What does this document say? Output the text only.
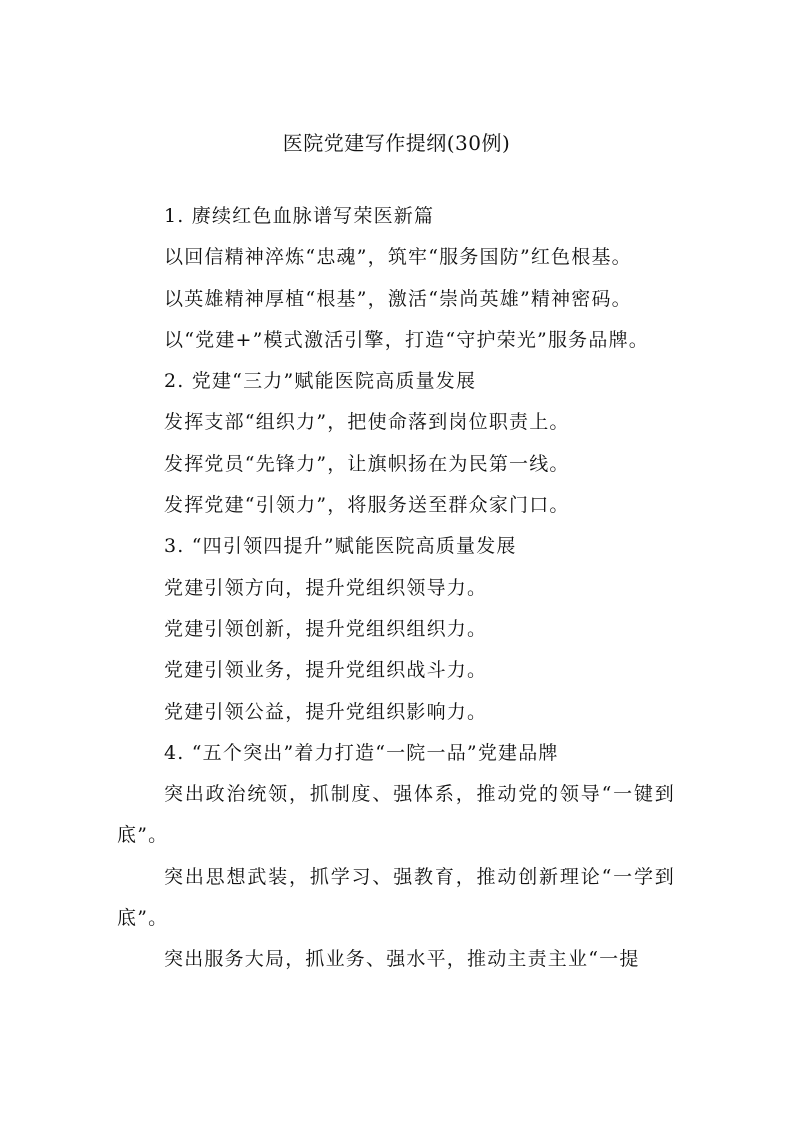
医院党建写作提纲(30例)

1. 赓续红色血脉谱写荣医新篇

以回信精神淬炼“忠魂”，筑牢“服务国防”红色根基。

以英雄精神厚植“根基”，激活“崇尚英雄”精神密码。

以“党建+”模式激活引擎，打造“守护荣光”服务品牌。

2. 党建“三力”赋能医院高质量发展

发挥支部“组织力”，把使命落到岗位职责上。

发挥党员“先锋力”，让旗帜扬在为民第一线。

发挥党建“引领力”，将服务送至群众家门口。

3. “四引领四提升”赋能医院高质量发展

党建引领方向，提升党组织领导力。

党建引领创新，提升党组织组织力。

党建引领业务，提升党组织战斗力。

党建引领公益，提升党组织影响力。

4. “五个突出”着力打造“一院一品”党建品牌

突出政治统领，抓制度、强体系，推动党的领导“一键到底”。

突出思想武装，抓学习、强教育，推动创新理论“一学到底”。

突出服务大局，抓业务、强水平，推动主责主业“一提
